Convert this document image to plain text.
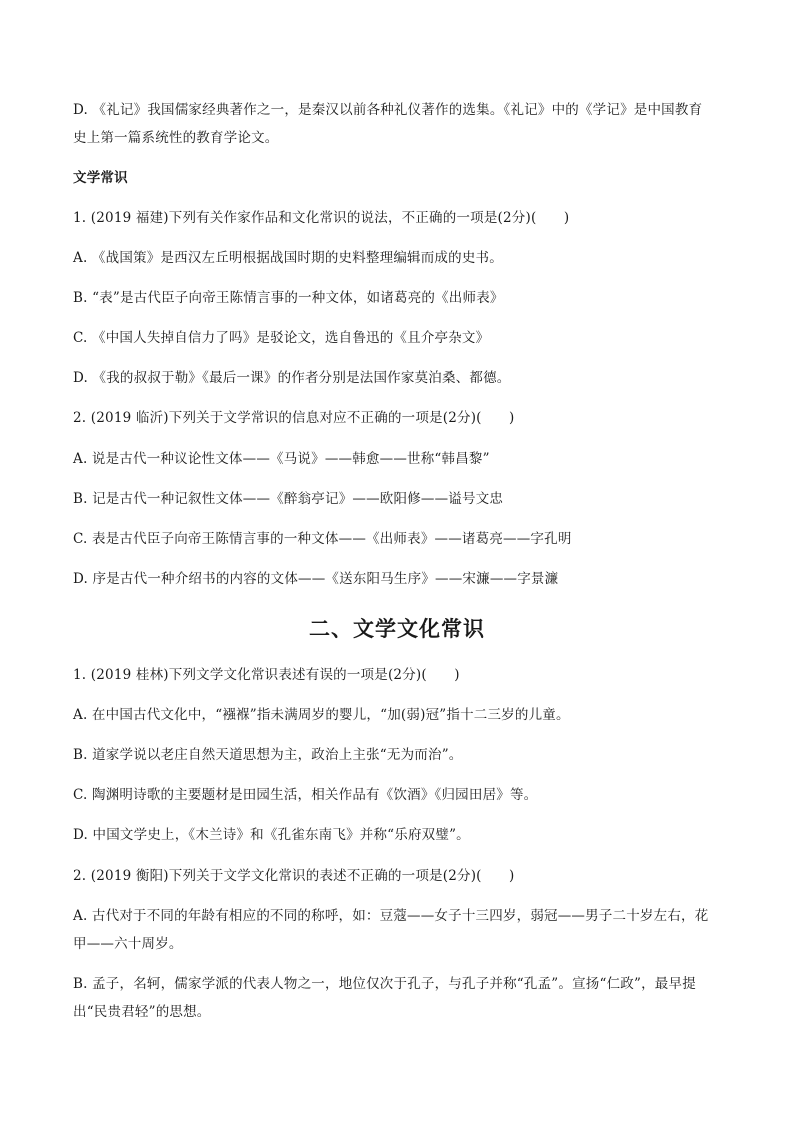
D. 《礼记》我国儒家经典著作之一，是秦汉以前各种礼仪著作的选集。《礼记》中的《学记》是中国教育
史上第一篇系统性的教育学论文。
文学常识
1. (2019 福建)下列有关作家作品和文化常识的说法，不正确的一项是(2分)(　　)
A. 《战国策》是西汉左丘明根据战国时期的史料整理编辑而成的史书。
B. “表”是古代臣子向帝王陈情言事的一种文体，如诸葛亮的《出师表》
C. 《中国人失掉自信力了吗》是驳论文，选自鲁迅的《且介亭杂文》
D. 《我的叔叔于勒》《最后一课》的作者分别是法国作家莫泊桑、都德。
2. (2019 临沂)下列关于文学常识的信息对应不正确的一项是(2分)(　　)
A. 说是古代一种议论性文体——《马说》——韩愈——世称“韩昌黎”
B. 记是古代一种记叙性文体——《醉翁亭记》——欧阳修——谥号文忠
C. 表是古代臣子向帝王陈情言事的一种文体——《出师表》——诸葛亮——字孔明
D. 序是古代一种介绍书的内容的文体——《送东阳马生序》——宋濂——字景濂
二、文学文化常识
1. (2019 桂林)下列文学文化常识表述有误的一项是(2分)(　　)
A. 在中国古代文化中，“襁褓”指未满周岁的婴儿，“加(弱)冠”指十二三岁的儿童。
B. 道家学说以老庄自然天道思想为主，政治上主张“无为而治”。
C. 陶渊明诗歌的主要题材是田园生活，相关作品有《饮酒》《归园田居》等。
D. 中国文学史上，《木兰诗》和《孔雀东南飞》并称“乐府双璧”。
2. (2019 衡阳)下列关于文学文化常识的表述不正确的一项是(2分)(　　)
A. 古代对于不同的年龄有相应的不同的称呼，如：豆蔻——女子十三四岁，弱冠——男子二十岁左右，花
甲——六十周岁。
B. 孟子，名轲，儒家学派的代表人物之一，地位仅次于孔子，与孔子并称“孔孟”。宣扬“仁政”，最早提
出“民贵君轻”的思想。
